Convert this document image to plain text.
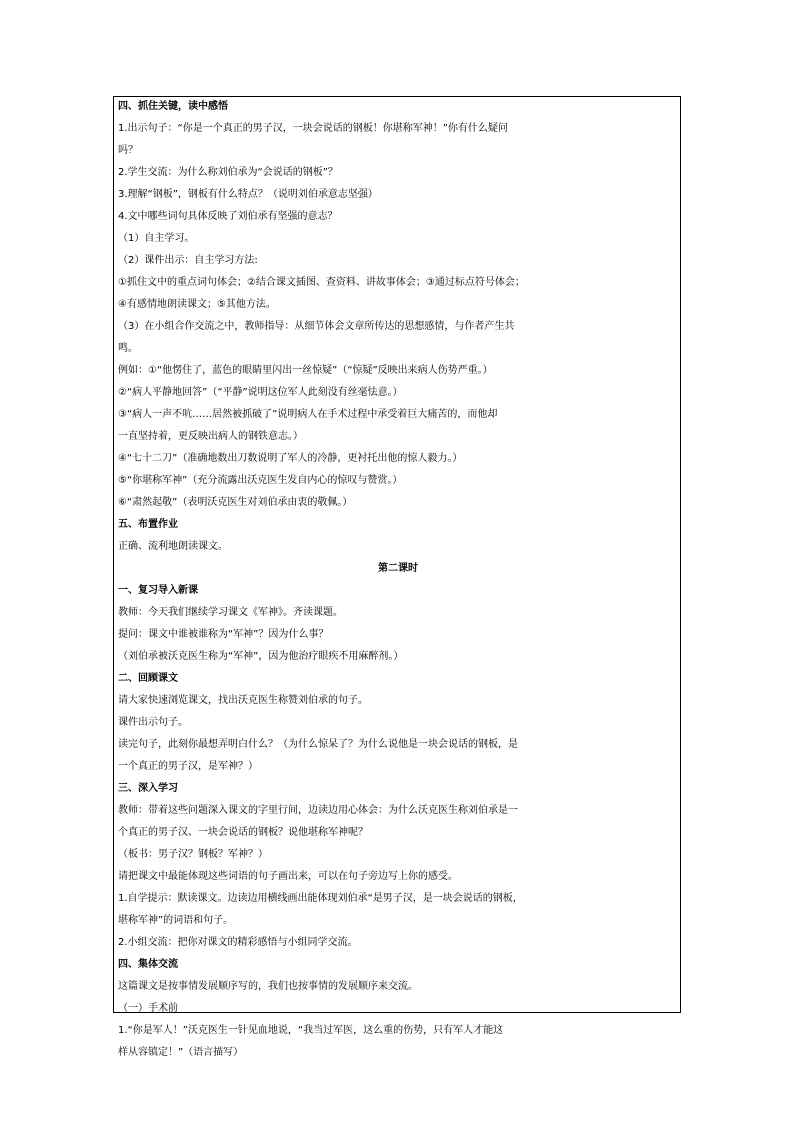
四、抓住关键，读中感悟
1.出示句子：“你是一个真正的男子汉，一块会说话的钢板！你堪称军神！”你有什么疑问
吗？
2.学生交流：为什么称刘伯承为“会说话的钢板”？
3.理解“钢板”，钢板有什么特点？（说明刘伯承意志坚强）
4.文中哪些词句具体反映了刘伯承有坚强的意志？
（1）自主学习。
（2）课件出示：自主学习方法:
①抓住文中的重点词句体会；②结合课文插图、查资料、讲故事体会；③通过标点符号体会；
④有感情地朗读课文；⑤其他方法。
（3）在小组合作交流之中，教师指导：从细节体会文章所传达的思想感情，与作者产生共
鸣。
例如：①“他愣住了，蓝色的眼睛里闪出一丝惊疑”（“惊疑”反映出来病人伤势严重。）
②“病人平静地回答”（“平静”说明这位军人此刻没有丝毫怯意。）
③“病人一声不吭……居然被抓破了”说明病人在手术过程中承受着巨大痛苦的，而他却
一直坚持着，更反映出病人的钢铁意志。）
④“七十二刀”（准确地数出刀数说明了军人的冷静，更衬托出他的惊人毅力。）
⑤“你堪称军神”（充分流露出沃克医生发自内心的惊叹与赞赏。）
⑥“肃然起敬”（表明沃克医生对刘伯承由衷的敬佩。）
五、布置作业
正确、流利地朗读课文。
第二课时
一、复习导入新课
教师：今天我们继续学习课文《军神》。齐读课题。
提问：课文中谁被谁称为“军神”？因为什么事？
（刘伯承被沃克医生称为“军神”，因为他治疗眼疾不用麻醉剂。）
二、回顾课文
请大家快速浏览课文，找出沃克医生称赞刘伯承的句子。
课件出示句子。
读完句子，此刻你最想弄明白什么？（为什么惊呆了？为什么说他是一块会说话的钢板，是
一个真正的男子汉，是军神？）
三、深入学习
教师：带着这些问题深入课文的字里行间，边读边用心体会：为什么沃克医生称刘伯承是一
个真正的男子汉、一块会说话的钢板？说他堪称军神呢？
（板书：男子汉？钢板？军神？）
请把课文中最能体现这些词语的句子画出来，可以在句子旁边写上你的感受。
1.自学提示：默读课文。边读边用横线画出能体现刘伯承“是男子汉，是一块会说话的钢板，
堪称军神”的词语和句子。
2.小组交流：把你对课文的精彩感悟与小组同学交流。
四、集体交流
这篇课文是按事情发展顺序写的，我们也按事情的发展顺序来交流。
（一）手术前
1.“你是军人！”沃克医生一针见血地说，“我当过军医，这么重的伤势，只有军人才能这
样从容镇定！”（语言描写）
